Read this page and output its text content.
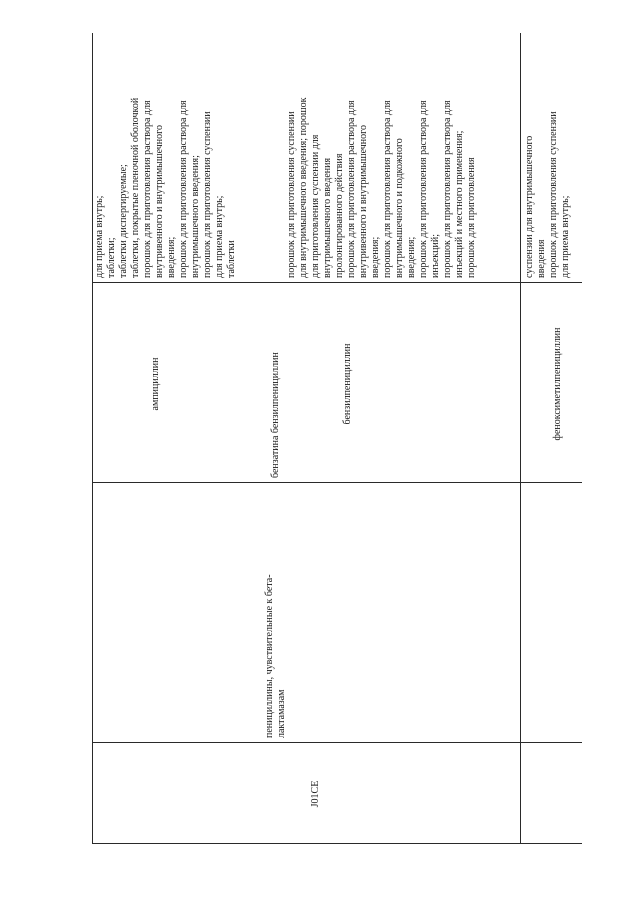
J01CE
пенициллины, чувствительные к бета- лактамазам
ампициллин
для приема внутрь; таблетки; таблетки диспергируемые; таблетки, покрытые пленочной оболочкой порошок для приготовления раствора для внутривенного и внутримышечного введения; порошок для приготовления раствора для внутримышечного введения; порошок для приготовления суспензии для приема внутрь; таблетки
бензатина бензилпенициллин	бензилпенициллин
порошок для приготовления суспензии для внутримышечного введения; порошок для приготовления суспензии для внутримышечного введения пролонгированного действия порошок для приготовления раствора для внутривенного и внутримышечного введения; порошок для приготовления раствора для внутримышечного и подкожного введения; порошок для приготовления раствора для инъекций; порошок для приготовления раствора для инъекций и местного применения; порошок для приготовления
феноксиметилпенициллин
суспензии для внутримышечного введения порошок для приготовления суспензии для приема внутрь;
